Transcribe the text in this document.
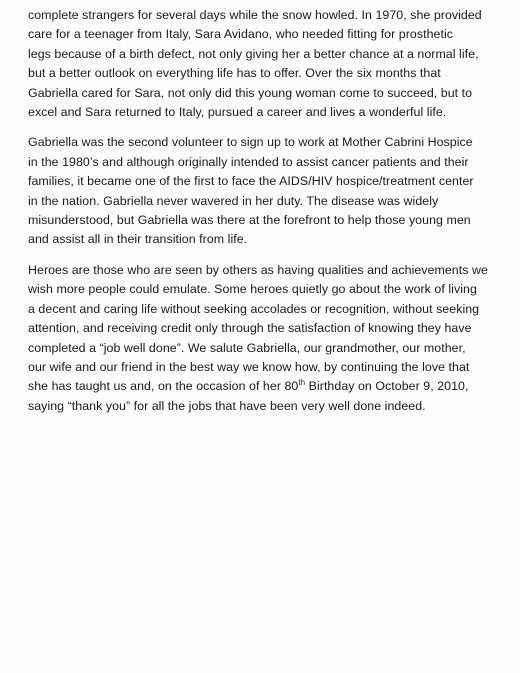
complete strangers for several days while the snow howled. In 1970, she provided
care for a teenager from Italy, Sara Avidano, who needed fitting for prosthetic
legs because of a birth defect, not only giving her a better chance at a normal life,
but a better outlook on everything life has to offer. Over the six months that
Gabriella cared for Sara, not only did this young woman come to succeed, but to
excel and Sara returned to Italy, pursued a career and lives a wonderful life.

Gabriella was the second volunteer to sign up to work at Mother Cabrini Hospice
in the 1980’s and although originally intended to assist cancer patients and their
families, it became one of the first to face the AIDS/HIV hospice/treatment center
in the nation. Gabriella never wavered in her duty. The disease was widely
misunderstood, but Gabriella was there at the forefront to help those young men
and assist all in their transition from life.

Heroes are those who are seen by others as having qualities and achievements we
wish more people could emulate. Some heroes quietly go about the work of living
a decent and caring life without seeking accolades or recognition, without seeking
attention, and receiving credit only through the satisfaction of knowing they have
completed a “job well done”. We salute Gabriella, our grandmother, our mother,
our wife and our friend in the best way we know how, by continuing the love that
she has taught us and, on the occasion of her 80th Birthday on October 9, 2010,
saying “thank you” for all the jobs that have been very well done indeed.
